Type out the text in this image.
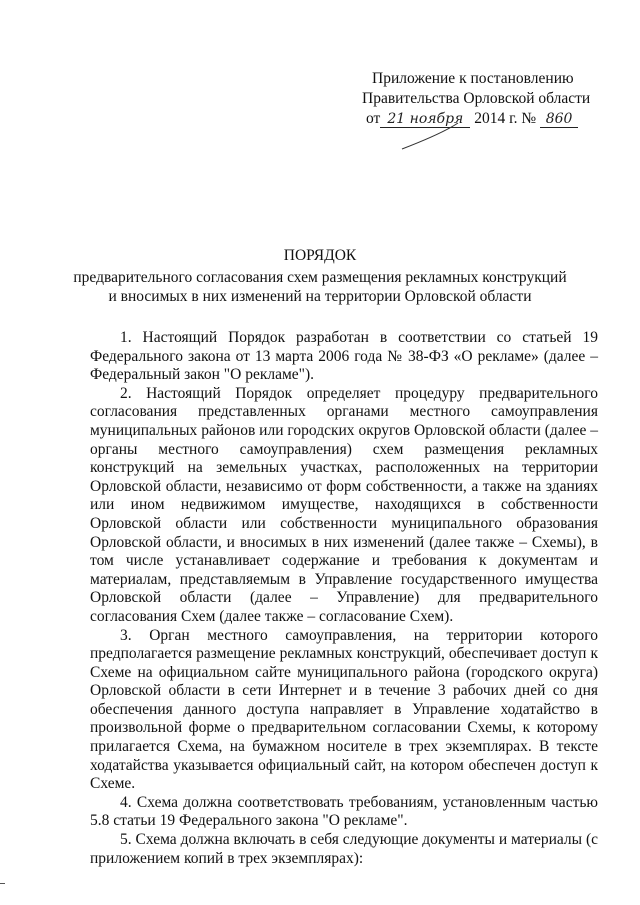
Приложение к постановлению
Правительства Орловской области
от 21 ноября 2014 г. № 860
ПОРЯДОК
предварительного согласования схем размещения рекламных конструкций
и вносимых в них изменений на территории Орловской области

1. Настоящий Порядок разработан в соответствии со статьей 19 Федерального закона от 13 марта 2006 года № 38-ФЗ «О рекламе» (далее – Федеральный закон "О рекламе").

2. Настоящий Порядок определяет процедуру предварительного согласования представленных органами местного самоуправления муниципальных районов или городских округов Орловской области (далее – органы местного самоуправления) схем размещения рекламных конструкций на земельных участках, расположенных на территории Орловской области, независимо от форм собственности, а также на зданиях или ином недвижимом имуществе, находящихся в собственности Орловской области или собственности муниципального образования Орловской области, и вносимых в них изменений (далее также – Схемы), в том числе устанавливает содержание и требования к документам и материалам, представляемым в Управление государственного имущества Орловской области (далее – Управление) для предварительного согласования Схем (далее также – согласование Схем).

3. Орган местного самоуправления, на территории которого предполагается размещение рекламных конструкций, обеспечивает доступ к Схеме на официальном сайте муниципального района (городского округа) Орловской области в сети Интернет и в течение 3 рабочих дней со дня обеспечения данного доступа направляет в Управление ходатайство в произвольной форме о предварительном согласовании Схемы, к которому прилагается Схема, на бумажном носителе в трех экземплярах. В тексте ходатайства указывается официальный сайт, на котором обеспечен доступ к Схеме.

4. Схема должна соответствовать требованиям, установленным частью 5.8 статьи 19 Федерального закона "О рекламе".

5. Схема должна включать в себя следующие документы и материалы (с приложением копий в трех экземплярах):
